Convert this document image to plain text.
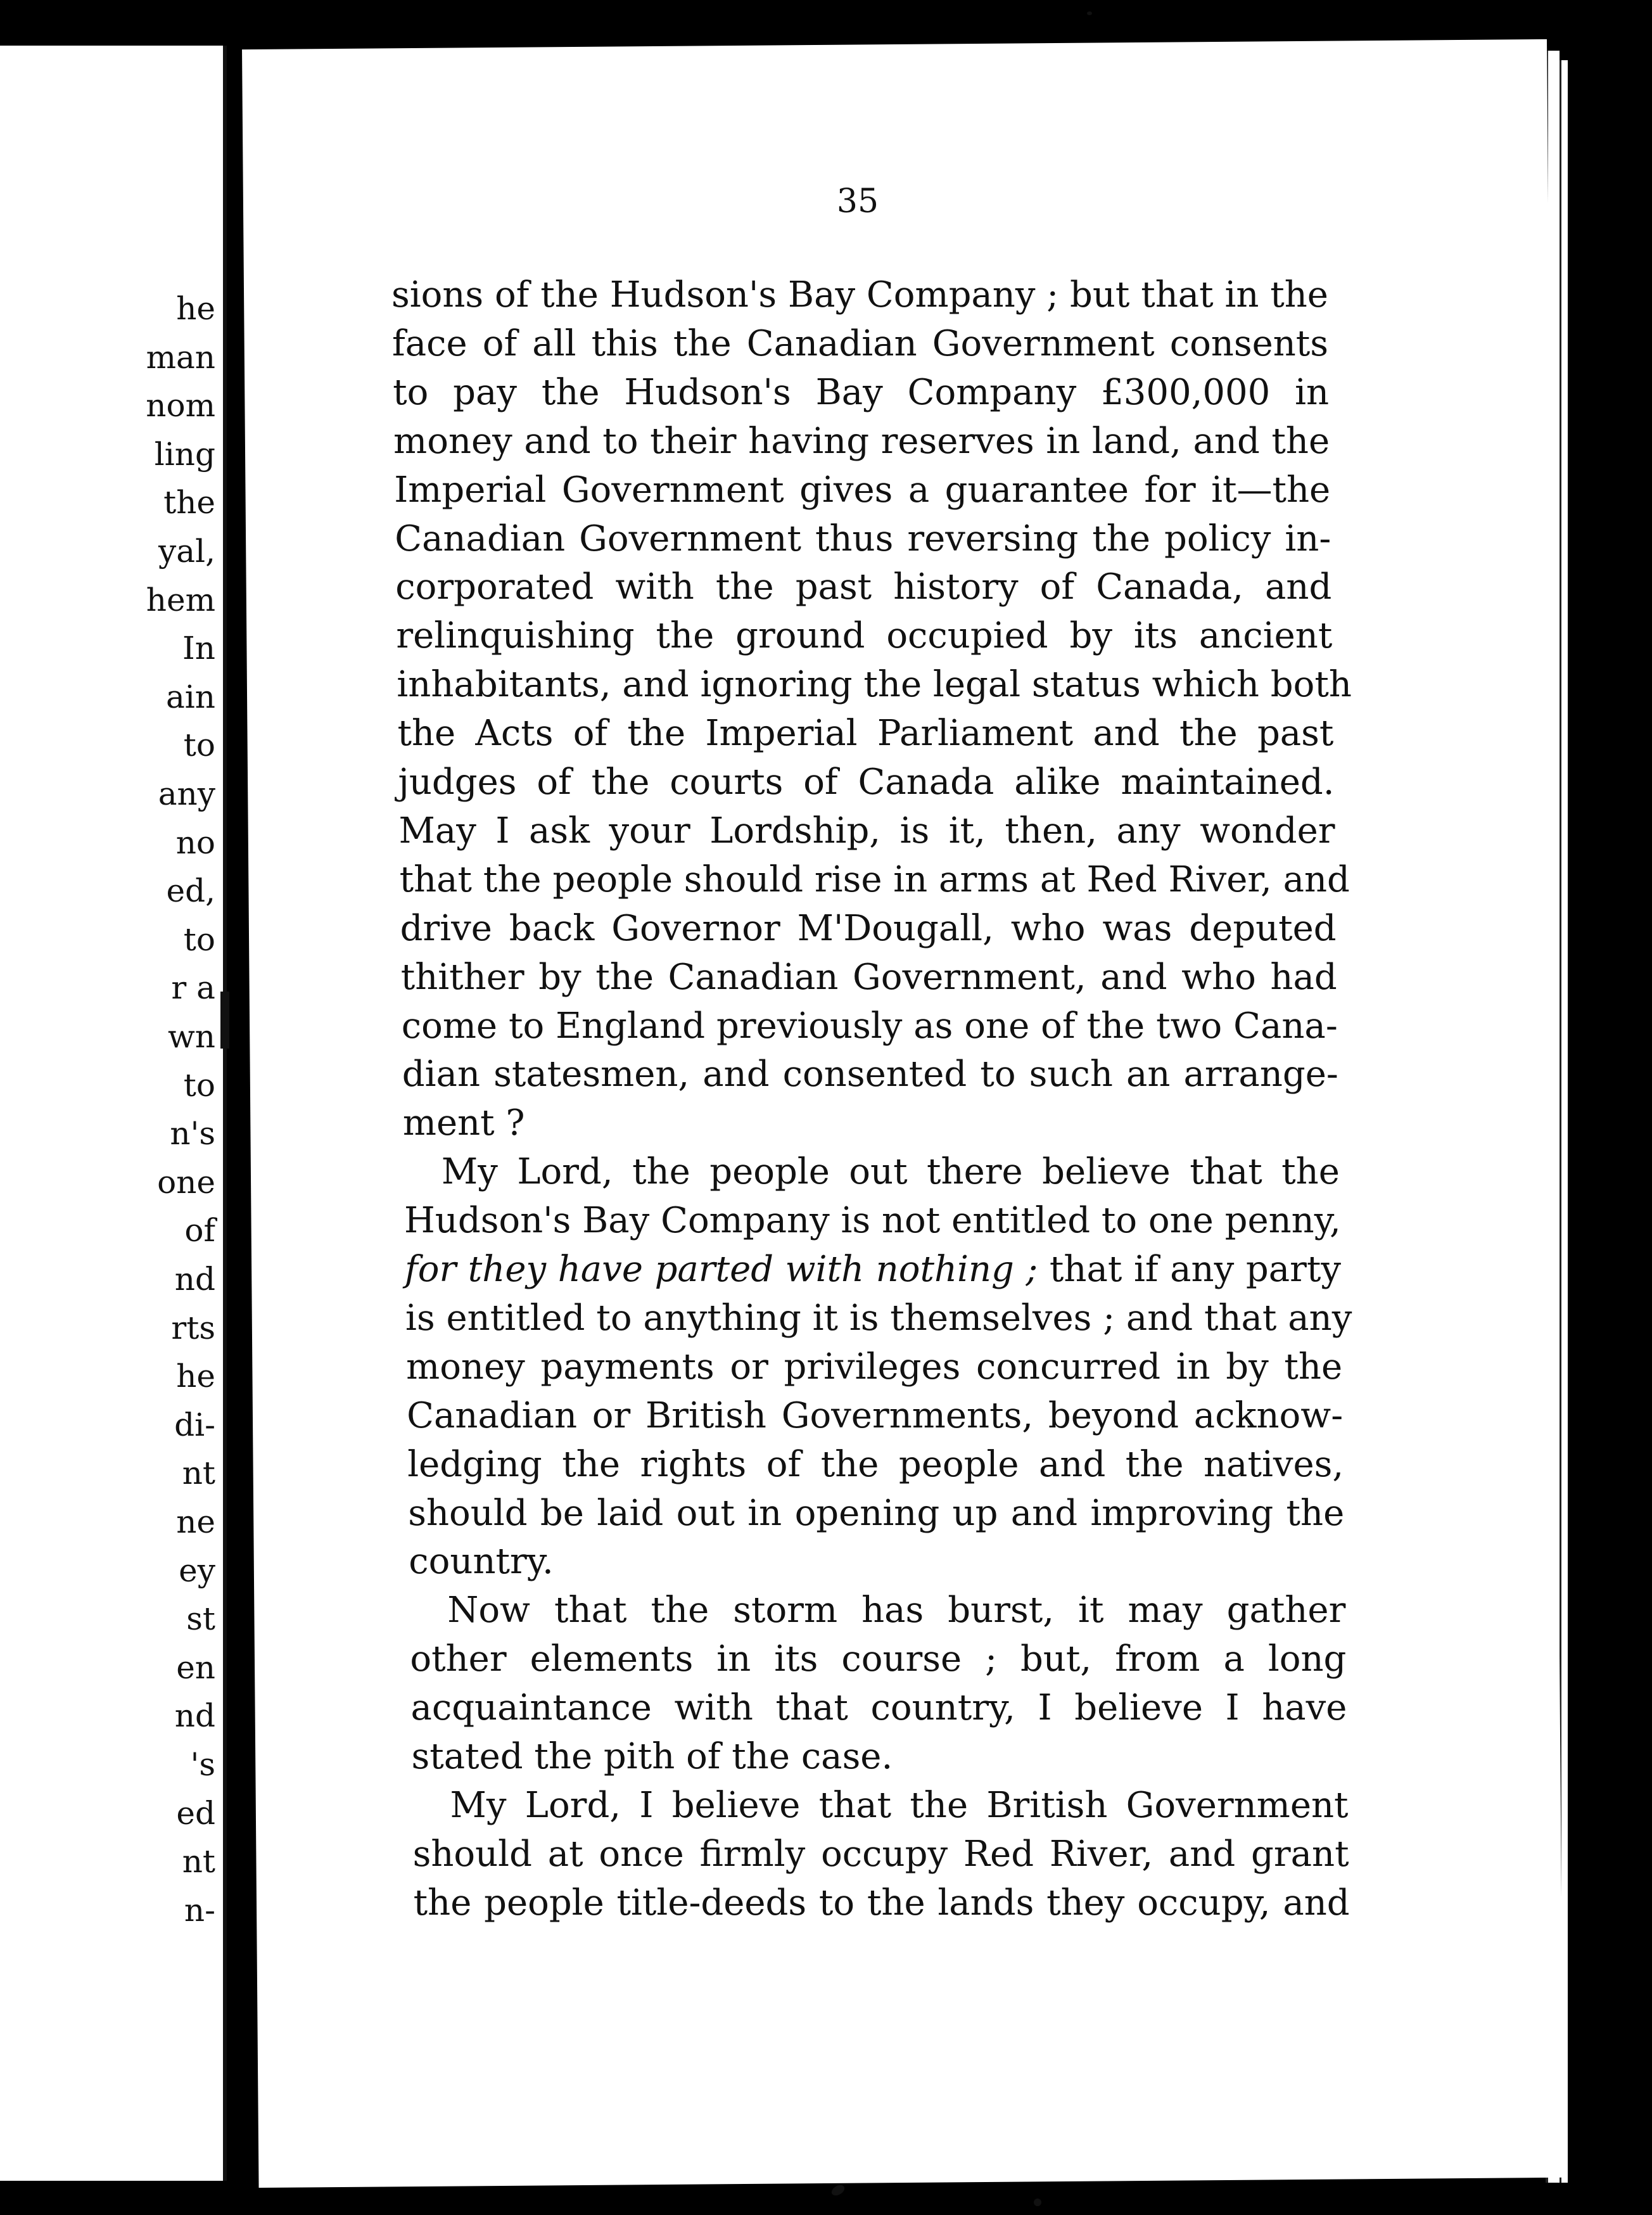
he
man
nom
ling
the
yal,
hem
In
ain
to
any
no
ed,
to
r a
wn
to
n's
one
of
nd
rts
he
di-
nt
ne
ey
st
en
nd
's
ed
nt
n-
35
sions of the Hudson's Bay Company ; but that in the
face of all this the Canadian Government consents
to pay the Hudson's Bay Company £300,000 in
money and to their having reserves in land, and the
Imperial Government gives a guarantee for it—the
Canadian Government thus reversing the policy in-
corporated with the past history of Canada, and
relinquishing the ground occupied by its ancient
inhabitants, and ignoring the legal status which both
the Acts of the Imperial Parliament and the past
judges of the courts of Canada alike maintained.
May I ask your Lordship, is it, then, any wonder
that the people should rise in arms at Red River, and
drive back Governor M'Dougall, who was deputed
thither by the Canadian Government, and who had
come to England previously as one of the two Cana-
dian statesmen, and consented to such an arrange-
ment ?
My Lord, the people out there believe that the
Hudson's Bay Company is not entitled to one penny,
for they have parted with nothing ; that if any party
is entitled to anything it is themselves ; and that any
money payments or privileges concurred in by the
Canadian or British Governments, beyond acknow-
ledging the rights of the people and the natives,
should be laid out in opening up and improving the
country.
Now that the storm has burst, it may gather
other elements in its course ; but, from a long
acquaintance with that country, I believe I have
stated the pith of the case.
My Lord, I believe that the British Government
should at once firmly occupy Red River, and grant
the people title-deeds to the lands they occupy, and
